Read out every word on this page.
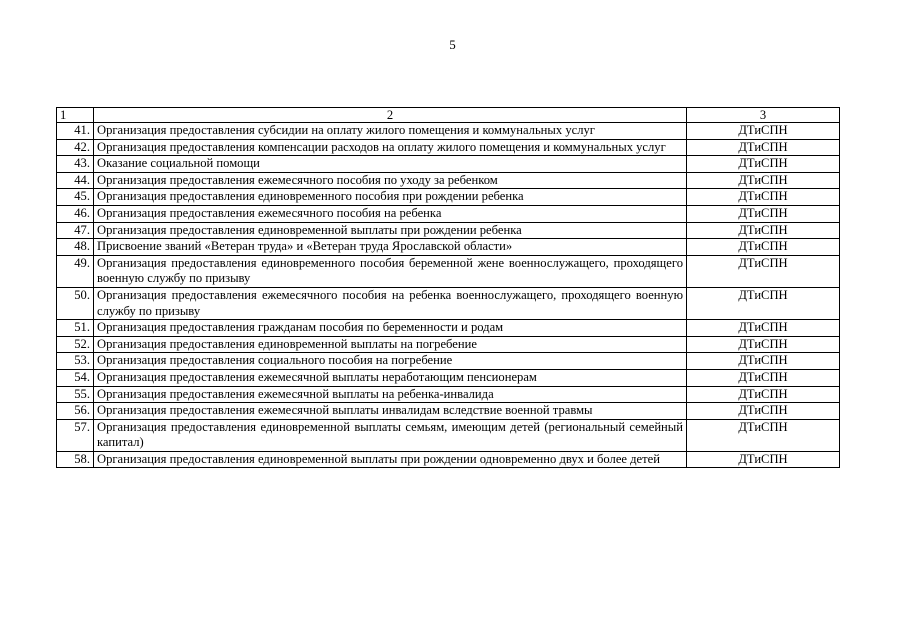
5
1	2	3
41.	Организация предоставления субсидии на оплату жилого помещения и коммунальных услуг	ДТиСПН
42.	Организация предоставления компенсации расходов на оплату жилого помещения и коммунальных услуг	ДТиСПН
43.	Оказание социальной помощи	ДТиСПН
44.	Организация предоставления ежемесячного пособия по уходу за ребенком	ДТиСПН
45.	Организация предоставления единовременного пособия при рождении ребенка	ДТиСПН
46.	Организация предоставления ежемесячного пособия на ребенка	ДТиСПН
47.	Организация предоставления единовременной выплаты при рождении ребенка	ДТиСПН
48.	Присвоение званий «Ветеран труда» и «Ветеран труда Ярославской области»	ДТиСПН
49.	Организация предоставления единовременного пособия беременной жене военнослужащего, проходящего военную службу по призыву	ДТиСПН
50.	Организация предоставления ежемесячного пособия на ребенка военнослужащего, проходящего военную службу по призыву	ДТиСПН
51.	Организация предоставления гражданам пособия по беременности и родам	ДТиСПН
52.	Организация предоставления единовременной выплаты на погребение	ДТиСПН
53.	Организация предоставления социального пособия на погребение	ДТиСПН
54.	Организация предоставления ежемесячной выплаты неработающим пенсионерам	ДТиСПН
55.	Организация предоставления ежемесячной выплаты на ребенка-инвалида	ДТиСПН
56.	Организация предоставления ежемесячной выплаты инвалидам вследствие военной травмы	ДТиСПН
57.	Организация предоставления единовременной выплаты семьям, имеющим детей (региональный семейный капитал)	ДТиСПН
58.	Организация предоставления единовременной выплаты при рождении одновременно двух и более детей	ДТиСПН
